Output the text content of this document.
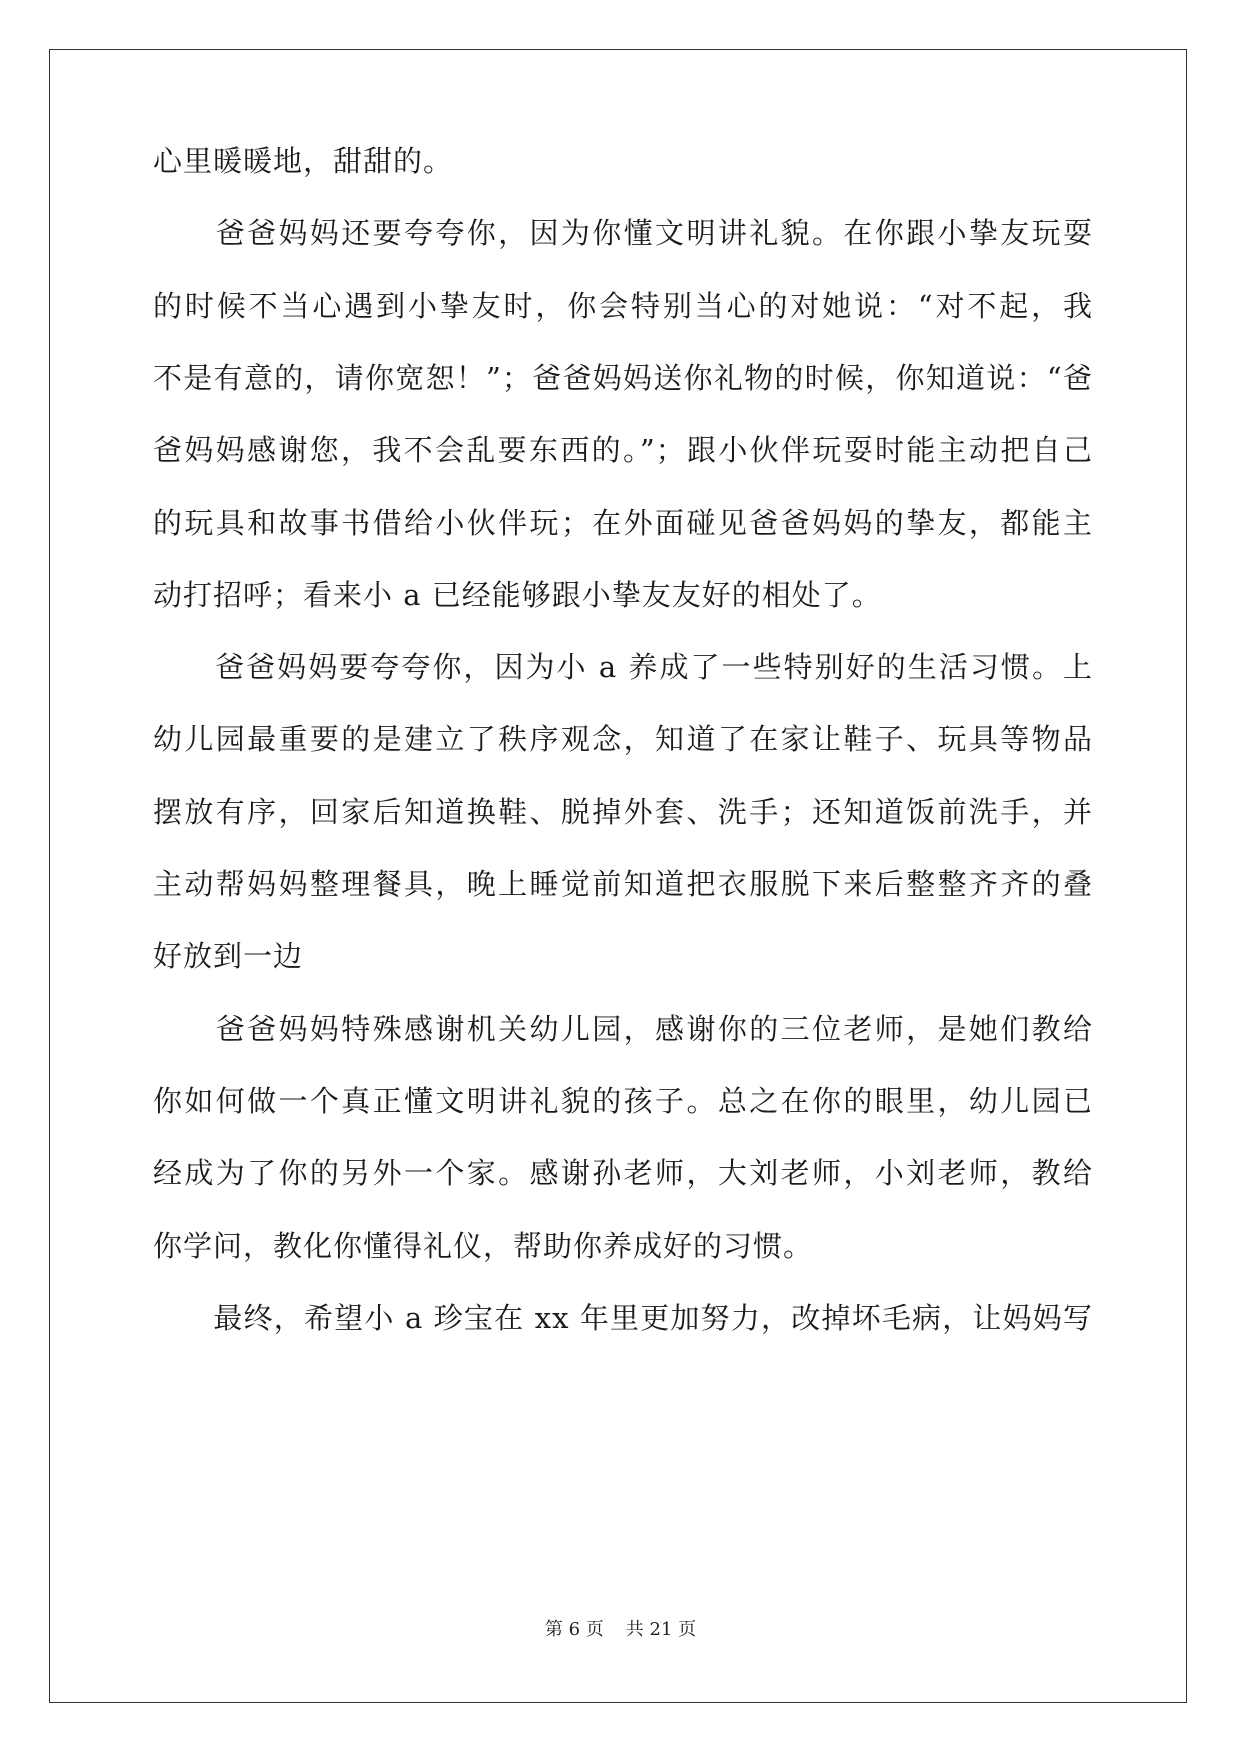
心里暖暖地，甜甜的。
　　爸爸妈妈还要夸夸你，因为你懂文明讲礼貌。在你跟小挚友玩耍
的时候不当心遇到小挚友时，你会特别当心的对她说：“对不起，我
不是有意的，请你宽恕！”；爸爸妈妈送你礼物的时候，你知道说：“爸
爸妈妈感谢您，我不会乱要东西的。”；跟小伙伴玩耍时能主动把自己
的玩具和故事书借给小伙伴玩；在外面碰见爸爸妈妈的挚友，都能主
动打招呼；看来小 a 已经能够跟小挚友友好的相处了。
　　爸爸妈妈要夸夸你，因为小 a 养成了一些特别好的生活习惯。上
幼儿园最重要的是建立了秩序观念，知道了在家让鞋子、玩具等物品
摆放有序，回家后知道换鞋、脱掉外套、洗手；还知道饭前洗手，并
主动帮妈妈整理餐具，晚上睡觉前知道把衣服脱下来后整整齐齐的叠
好放到一边
　　爸爸妈妈特殊感谢机关幼儿园，感谢你的三位老师，是她们教给
你如何做一个真正懂文明讲礼貌的孩子。总之在你的眼里，幼儿园已
经成为了你的另外一个家。感谢孙老师，大刘老师，小刘老师，教给
你学问，教化你懂得礼仪，帮助你养成好的习惯。
　　最终，希望小 a 珍宝在 xx 年里更加努力，改掉坏毛病，让妈妈写
第 6 页 共 21 页
